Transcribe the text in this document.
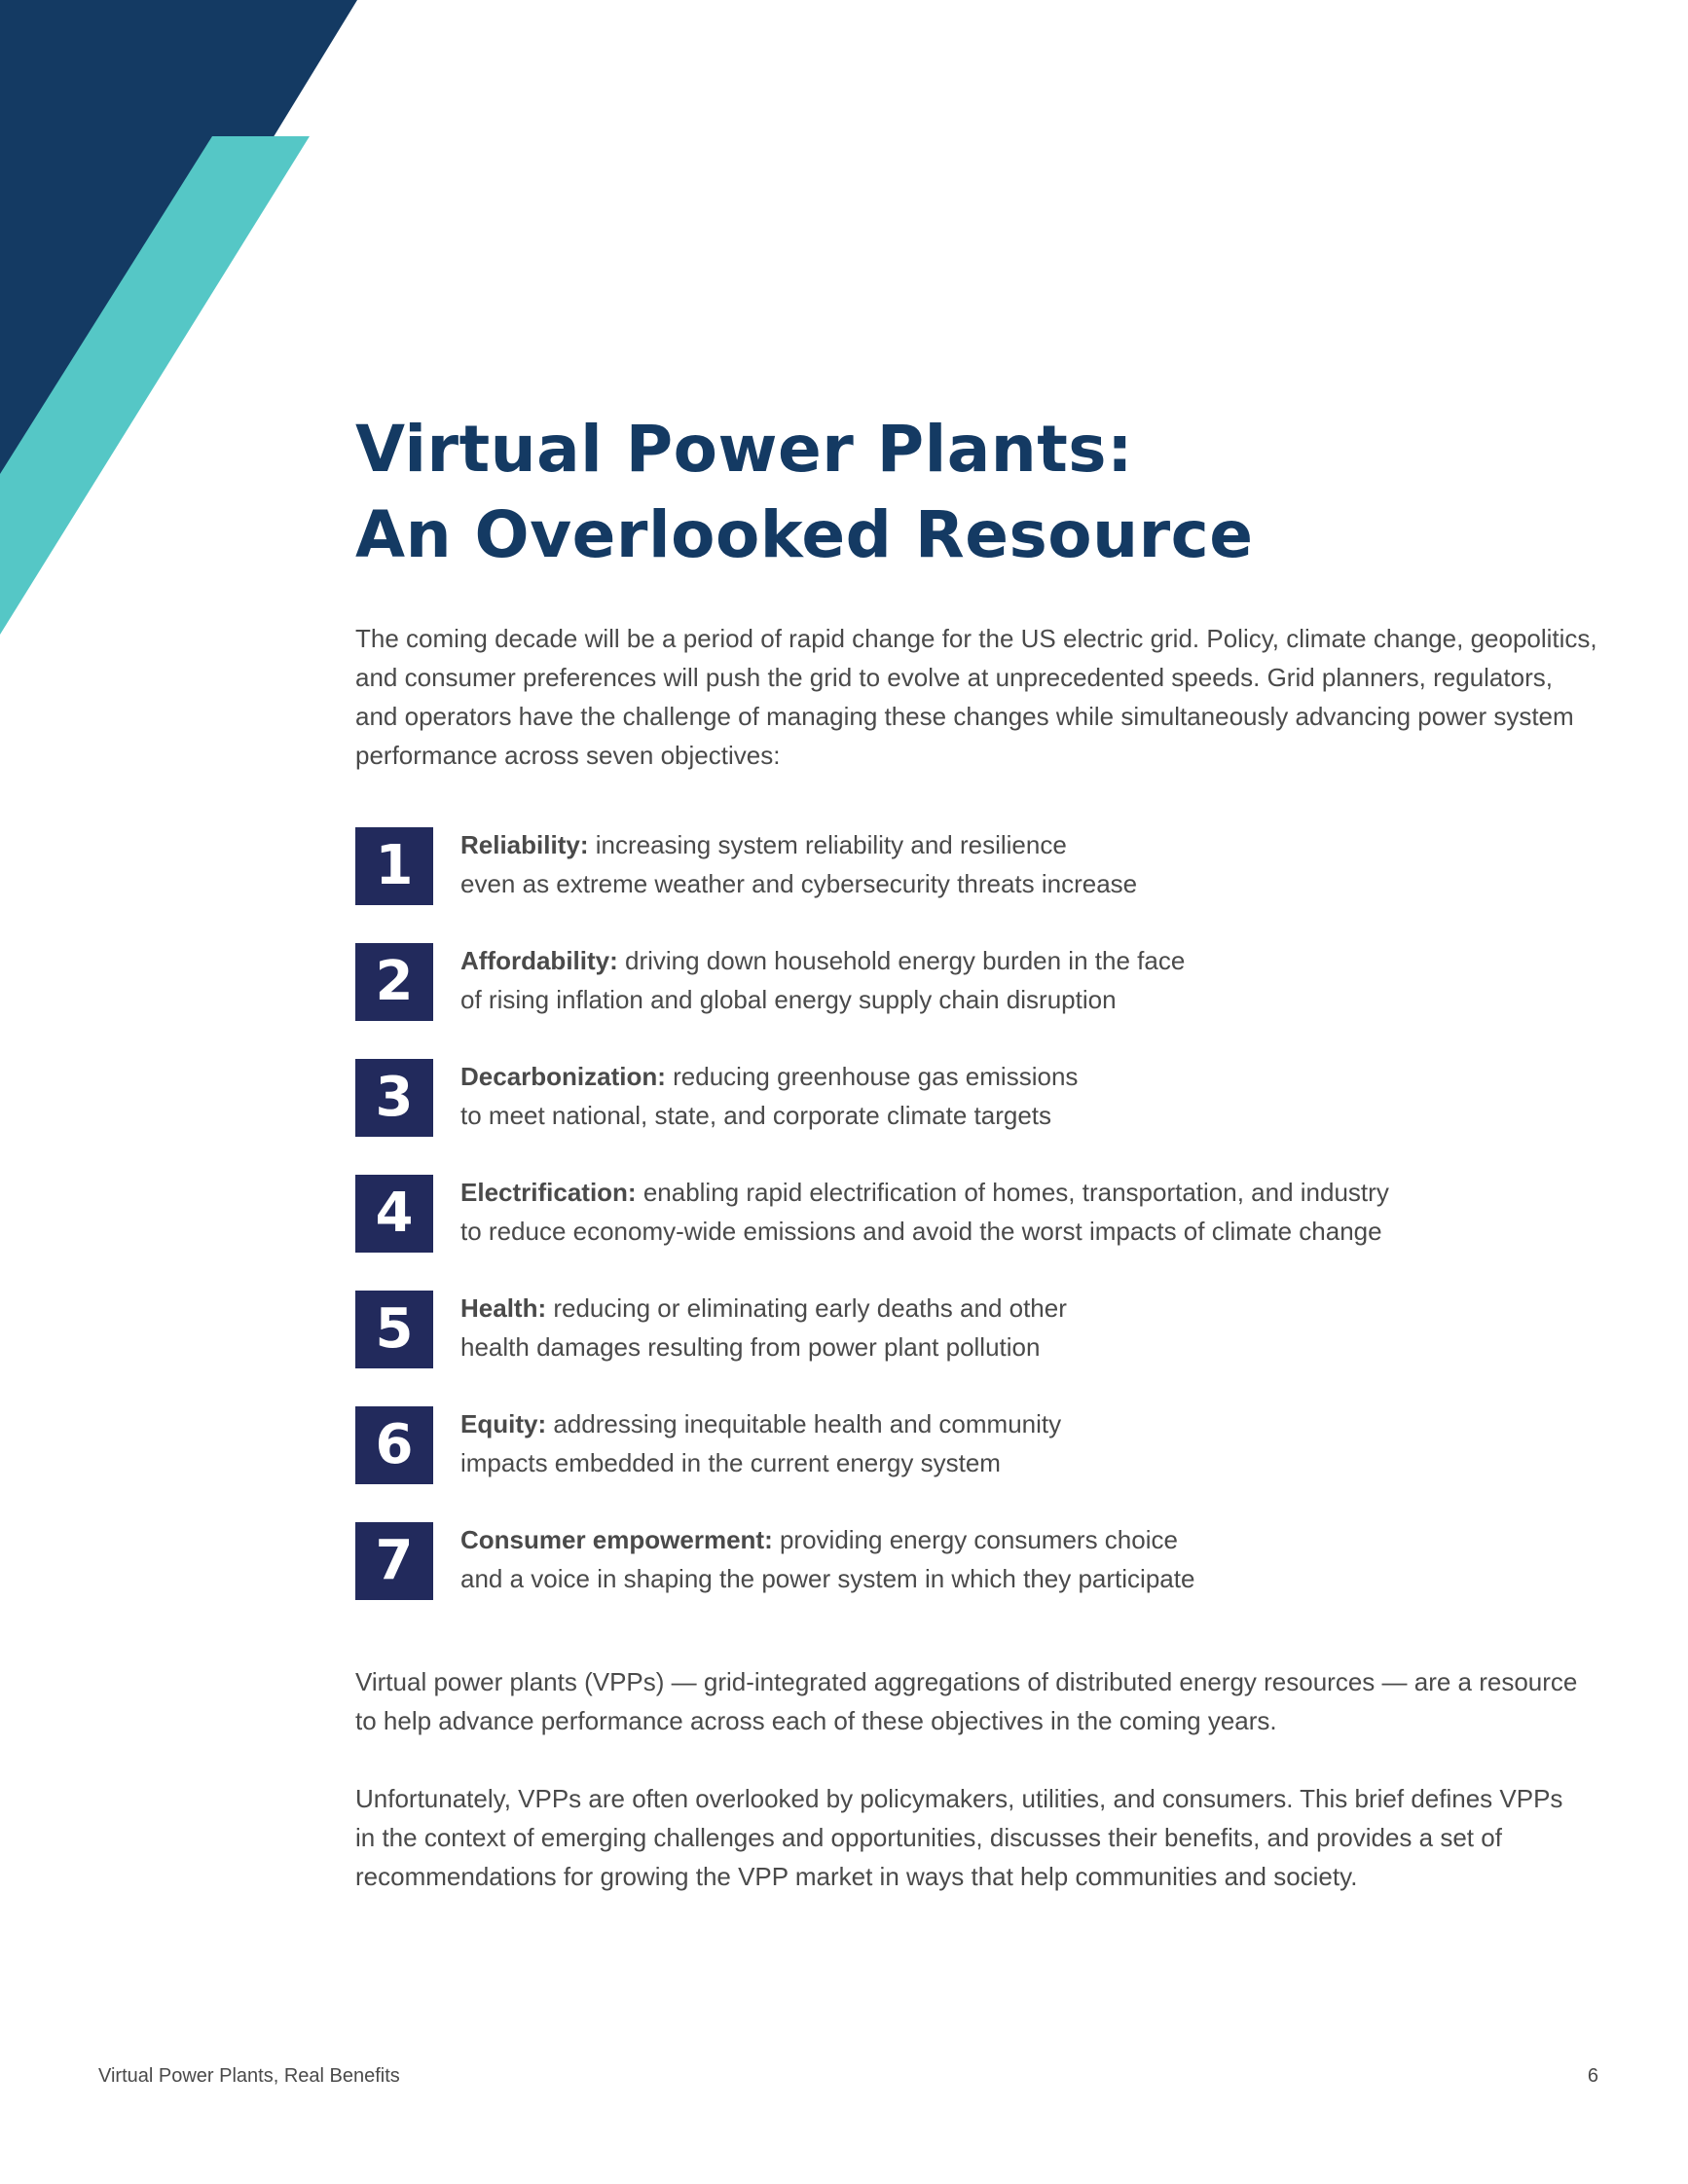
Virtual Power Plants:
An Overlooked Resource

The coming decade will be a period of rapid change for the US electric grid. Policy, climate change, geopolitics, and consumer preferences will push the grid to evolve at unprecedented speeds. Grid planners, regulators, and operators have the challenge of managing these changes while simultaneously advancing power system performance across seven objectives:

1	Reliability: increasing system reliability and resilience
even as extreme weather and cybersecurity threats increase
2	Affordability: driving down household energy burden in the face
of rising inflation and global energy supply chain disruption
3	Decarbonization: reducing greenhouse gas emissions
to meet national, state, and corporate climate targets
4	Electrification: enabling rapid electrification of homes, transportation, and industry
to reduce economy-wide emissions and avoid the worst impacts of climate change
5	Health: reducing or eliminating early deaths and other
health damages resulting from power plant pollution
6	Equity: addressing inequitable health and community
impacts embedded in the current energy system
7	Consumer empowerment: providing energy consumers choice
and a voice in shaping the power system in which they participate

Virtual power plants (VPPs) — grid-integrated aggregations of distributed energy resources — are a resource
to help advance performance across each of these objectives in the coming years.

Unfortunately, VPPs are often overlooked by policymakers, utilities, and consumers. This brief defines VPPs
in the context of emerging challenges and opportunities, discusses their benefits, and provides a set of
recommendations for growing the VPP market in ways that help communities and society.

Virtual Power Plants, Real Benefits	6
